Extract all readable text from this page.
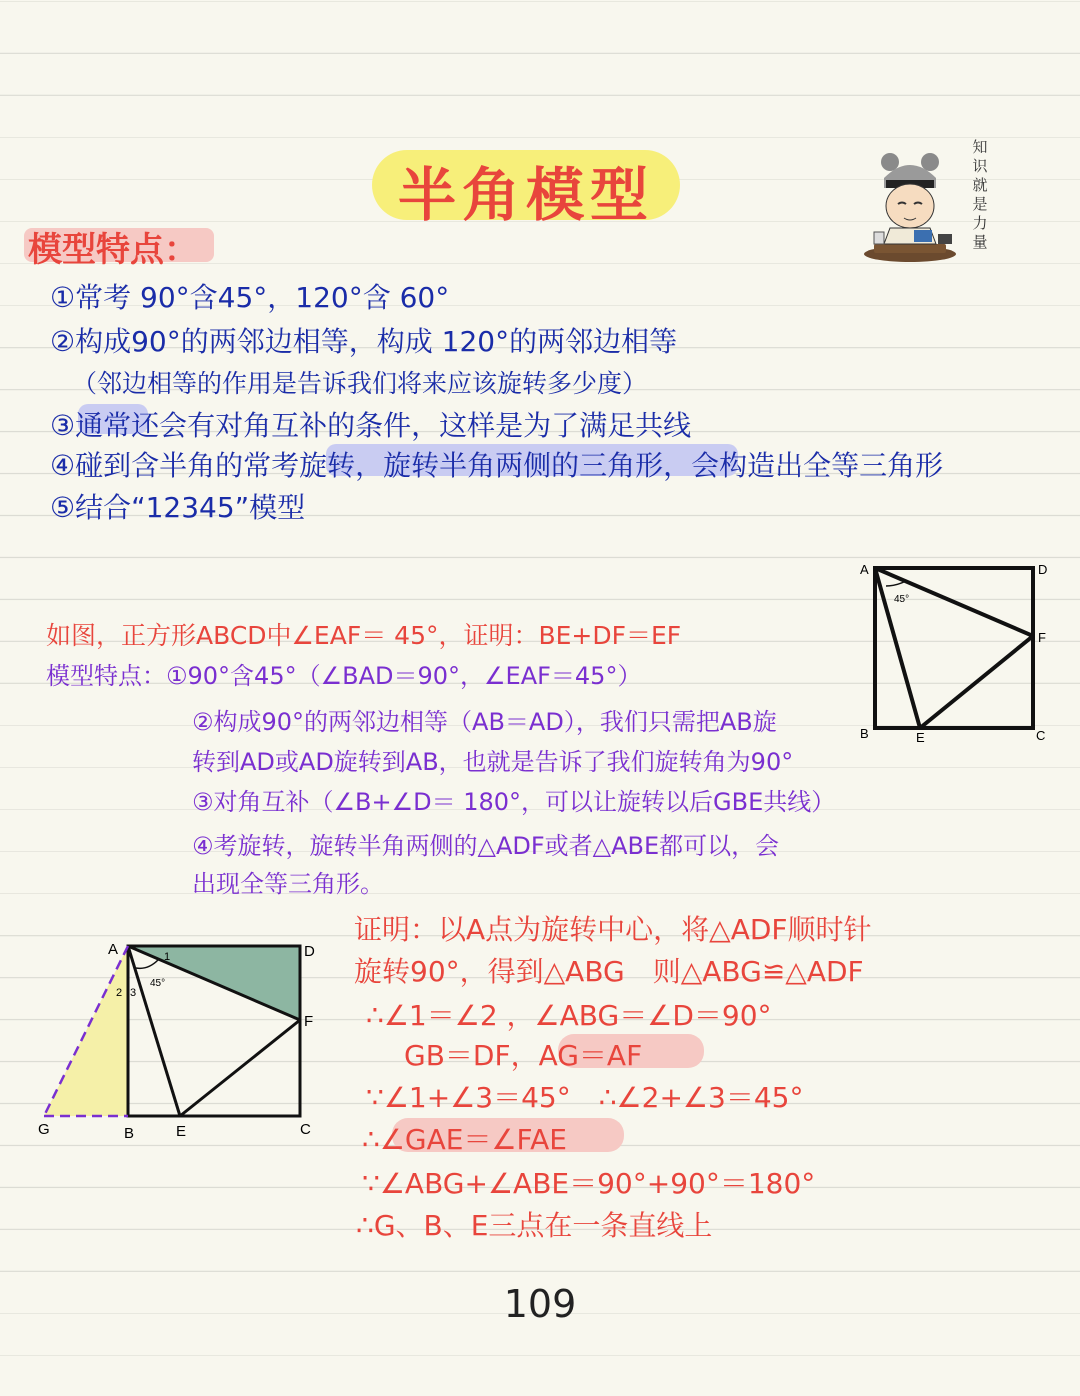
半角模型
知识就是力量
模型特点：
①常考 90°含45°，120°含 60°
②构成90°的两邻边相等，构成 120°的两邻边相等
（邻边相等的作用是告诉我们将来应该旋转多少度）
③通常还会有对角互补的条件，这样是为了满足共线
④碰到含半角的常考旋转，旋转半角两侧的三角形，会构造出全等三角形
⑤结合“12345”模型
A	D
F
B	C
E
45°
如图，正方形ABCD中∠EAF＝ 45°，证明：BE+DF＝EF
模型特点：①90°含45°（∠BAD＝90°，∠EAF＝45°）
②构成90°的两邻边相等（AB＝AD），我们只需把AB旋
转到AD或AD旋转到AB，也就是告诉了我们旋转角为90°
③对角互补（∠B+∠D＝ 180°，可以让旋转以后GBE共线）
④考旋转，旋转半角两侧的△ADF或者△ABE都可以，会
出现全等三角形。
A	D
F
C
E
B
G
45°
1
2 3
证明：以A点为旋转中心，将△ADF顺时针
旋转90°，得到△ABG　则△ABG≌△ADF
∴∠1＝∠2 ，∠ABG＝∠D＝90°
GB＝DF，AG＝AF
∵∠1+∠3＝45°　∴∠2+∠3＝45°
∴∠GAE＝∠FAE
∵∠ABG+∠ABE＝90°+90°＝180°
∴G、B、E三点在一条直线上
109
